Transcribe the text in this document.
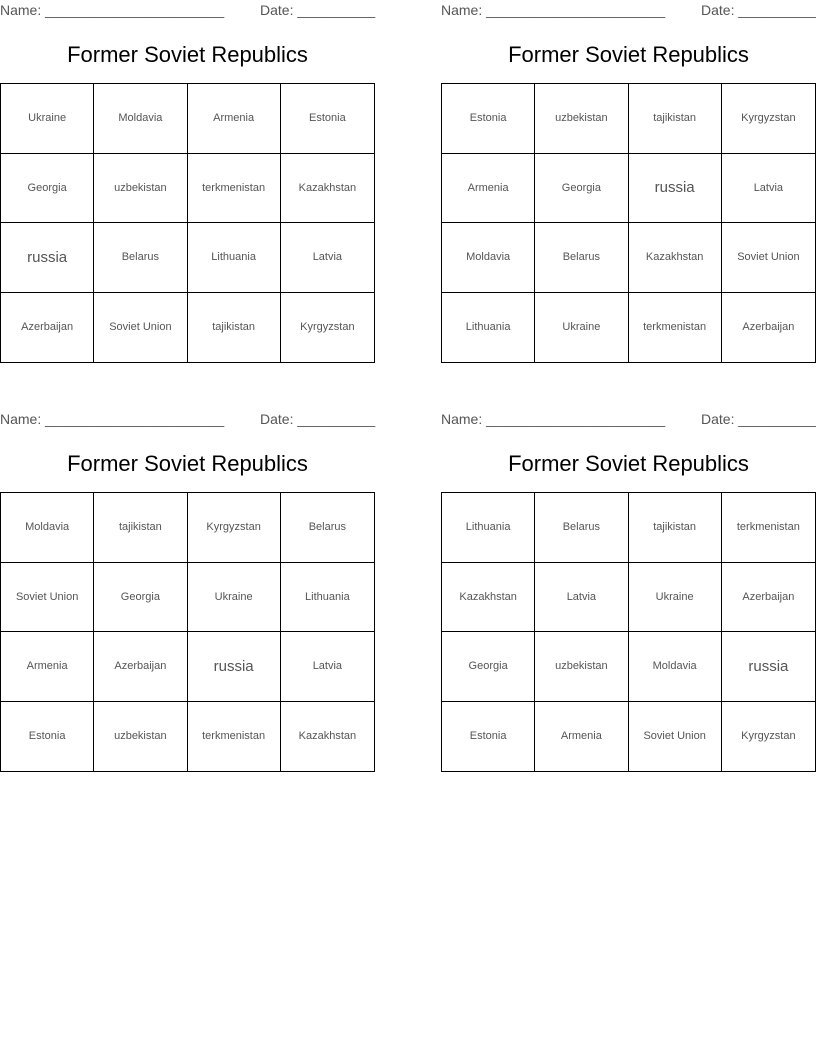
Name: _______________________	Date: __________
Former Soviet Republics
Ukraine	Moldavia	Armenia	Estonia
Georgia	uzbekistan	terkmenistan	Kazakhstan
russia	Belarus	Lithuania	Latvia
Azerbaijan	Soviet Union	tajikistan	Kyrgyzstan
Name: _______________________	Date: __________
Former Soviet Republics
Estonia	uzbekistan	tajikistan	Kyrgyzstan
Armenia	Georgia	russia	Latvia
Moldavia	Belarus	Kazakhstan	Soviet Union
Lithuania	Ukraine	terkmenistan	Azerbaijan
Name: _______________________	Date: __________
Former Soviet Republics
Moldavia	tajikistan	Kyrgyzstan	Belarus
Soviet Union	Georgia	Ukraine	Lithuania
Armenia	Azerbaijan	russia	Latvia
Estonia	uzbekistan	terkmenistan	Kazakhstan
Name: _______________________	Date: __________
Former Soviet Republics
Lithuania	Belarus	tajikistan	terkmenistan
Kazakhstan	Latvia	Ukraine	Azerbaijan
Georgia	uzbekistan	Moldavia	russia
Estonia	Armenia	Soviet Union	Kyrgyzstan
